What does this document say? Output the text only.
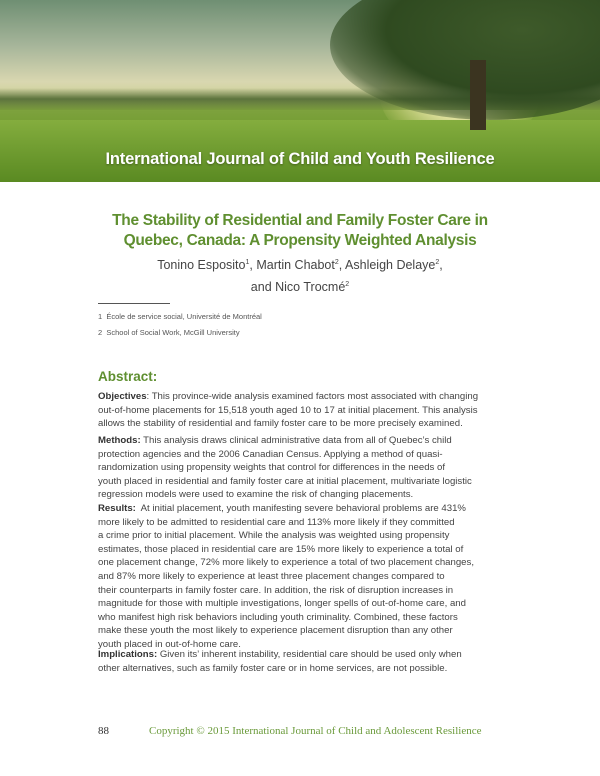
International Journal of Child and Youth Resilience
The Stability of Residential and Family Foster Care in
Quebec, Canada: A Propensity Weighted Analysis
Tonino Esposito$^1$, Martin Chabot$^2$, Ashleigh Delaye$^2$,
and Nico Trocmé$^2$
1 École de service social, Université de Montréal
2 School of Social Work, McGill University
Abstract:
Objectives: This province-wide analysis examined factors most associated with changing
out-of-home placements for 15,518 youth aged 10 to 17 at initial placement. This analysis
allows the stability of residential and family foster care to be more precisely examined.
Methods: This analysis draws clinical administrative data from all of Quebec’s child
protection agencies and the 2006 Canadian Census. Applying a method of quasi-
randomization using propensity weights that control for differences in the needs of
youth placed in residential and family foster care at initial placement, multivariate logistic
regression models were used to examine the risk of changing placements.
Results:  At initial placement, youth manifesting severe behavioral problems are 431%
more likely to be admitted to residential care and 113% more likely if they committed
a crime prior to initial placement. While the analysis was weighted using propensity
estimates, those placed in residential care are 15% more likely to experience a total of
one placement change, 72% more likely to experience a total of two placement changes,
and 87% more likely to experience at least three placement changes compared to
their counterparts in family foster care. In addition, the risk of disruption increases in
magnitude for those with multiple investigations, longer spells of out-of-home care, and
who manifest high risk behaviors including youth criminality. Combined, these factors
make these youth the most likely to experience placement disruption than any other
youth placed in out-of-home care.
Implications: Given its’ inherent instability, residential care should be used only when
other alternatives, such as family foster care or in home services, are not possible.
88	Copyright © 2015 International Journal of Child and Adolescent Resilience
